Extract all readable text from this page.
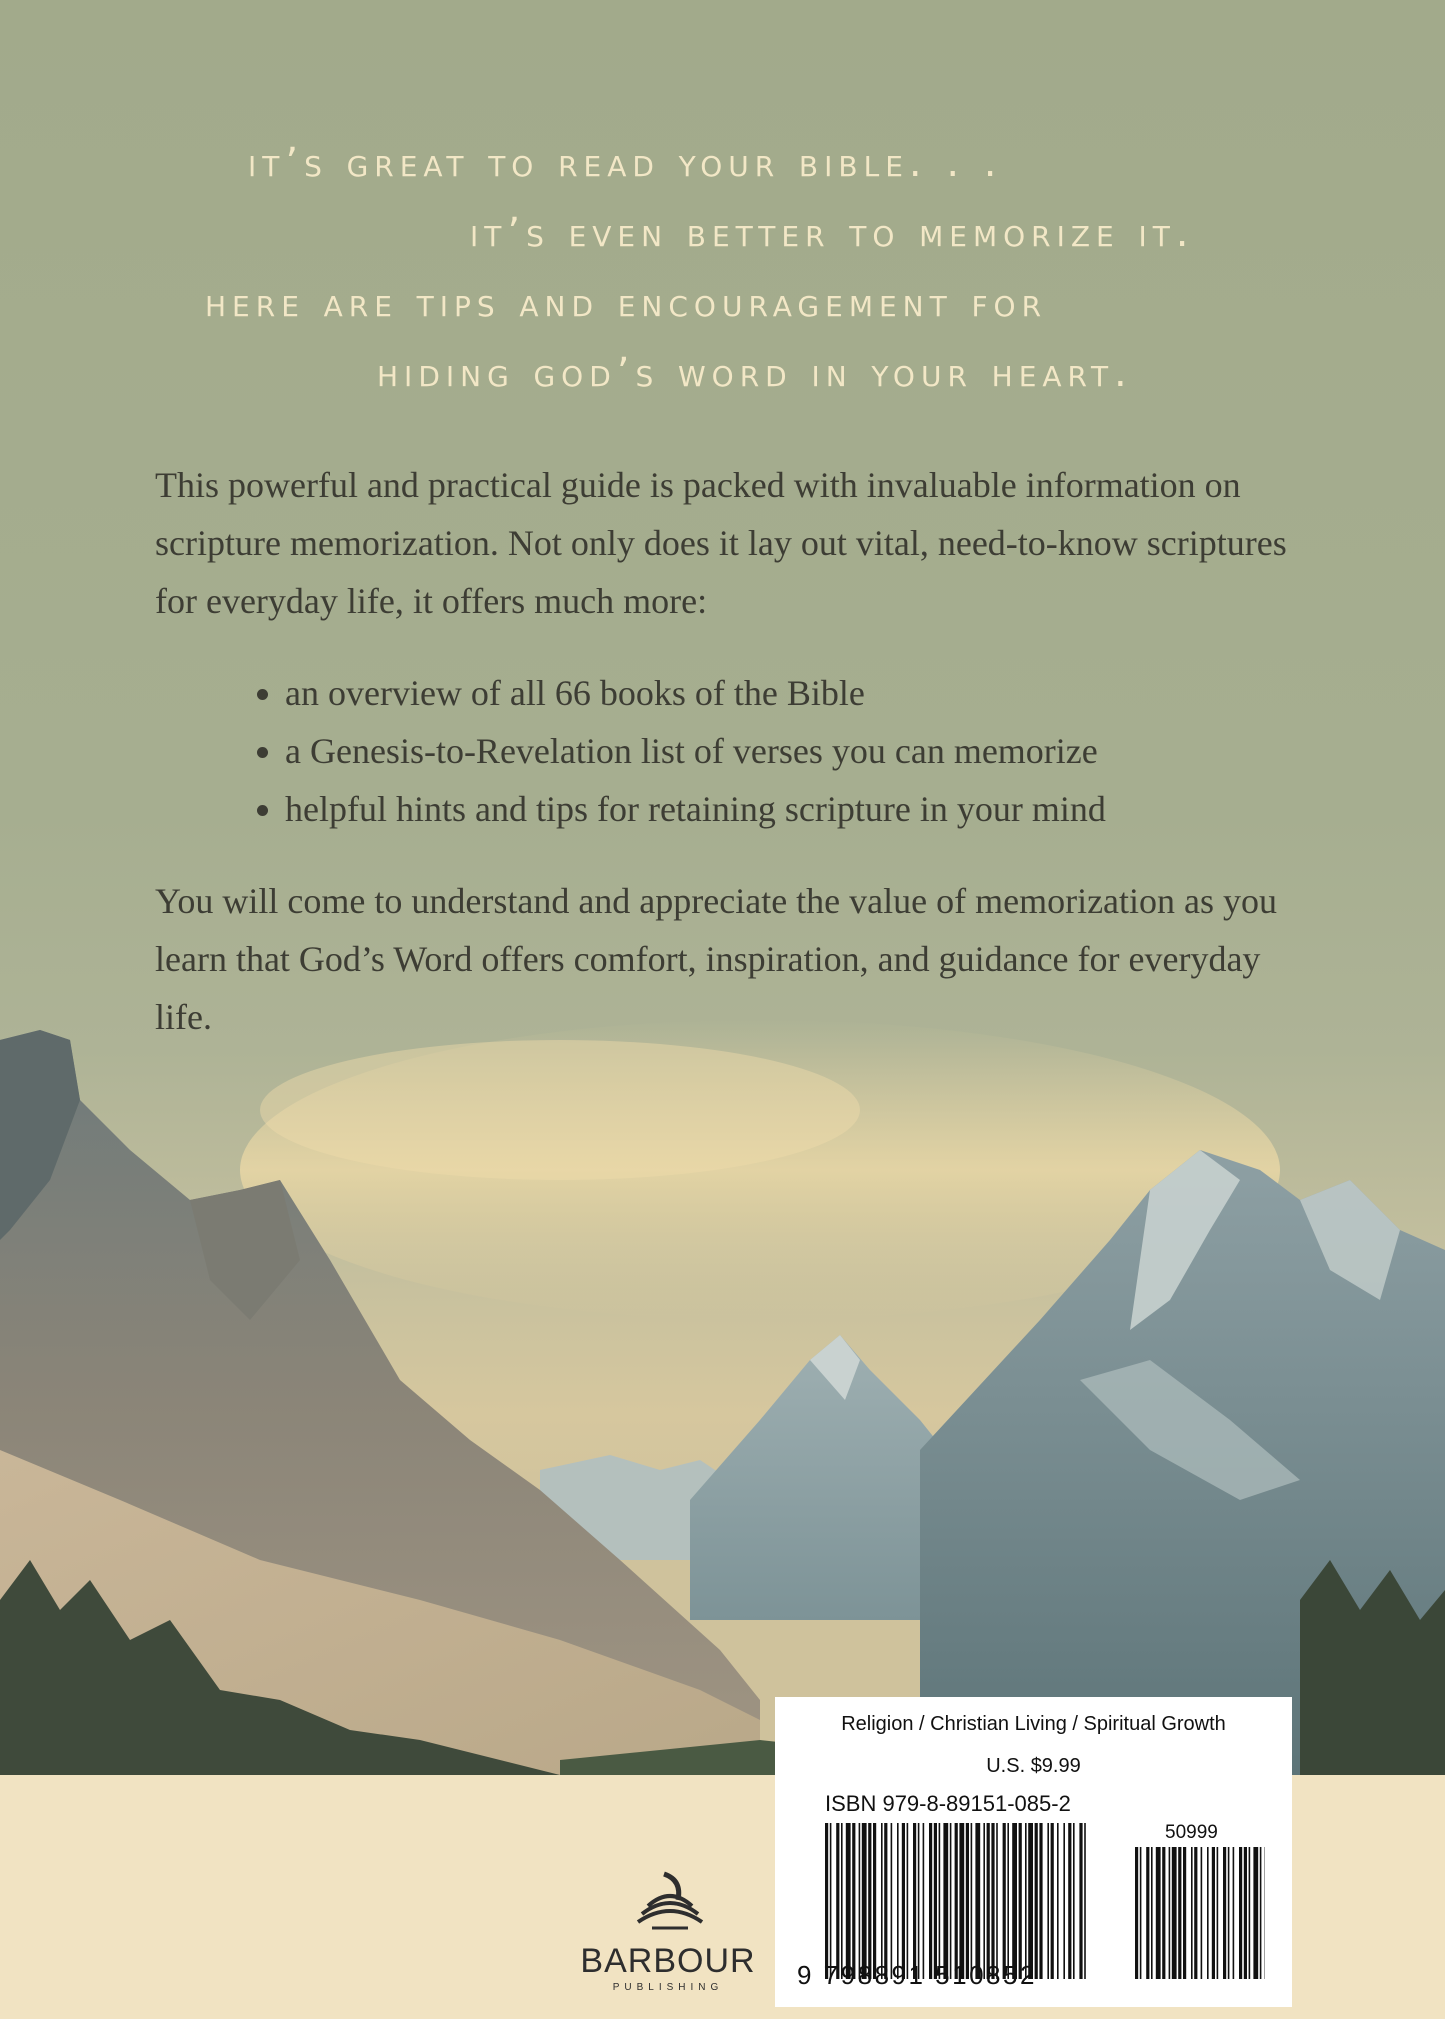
it’s great to read your bible. . .
it’s even better to memorize it.
here are tips and encouragement for
hiding god’s word in your heart.

This powerful and practical guide is packed with invaluable information on scripture memorization. Not only does it lay out vital, need-to-know scriptures for everyday life, it offers much more:

• an overview of all 66 books of the Bible
• a Genesis-to-Revelation list of verses you can memorize
• helpful hints and tips for retaining scripture in your mind

You will come to understand and appreciate the value of memorization as you learn that God’s Word offers comfort, inspiration, and guidance for everyday life.

BARBOUR
PUBLISHING
Religion / Christian Living / Spiritual Growth
U.S. $9.99
ISBN 979-8-89151-085-2
50999
9 798891 510852
